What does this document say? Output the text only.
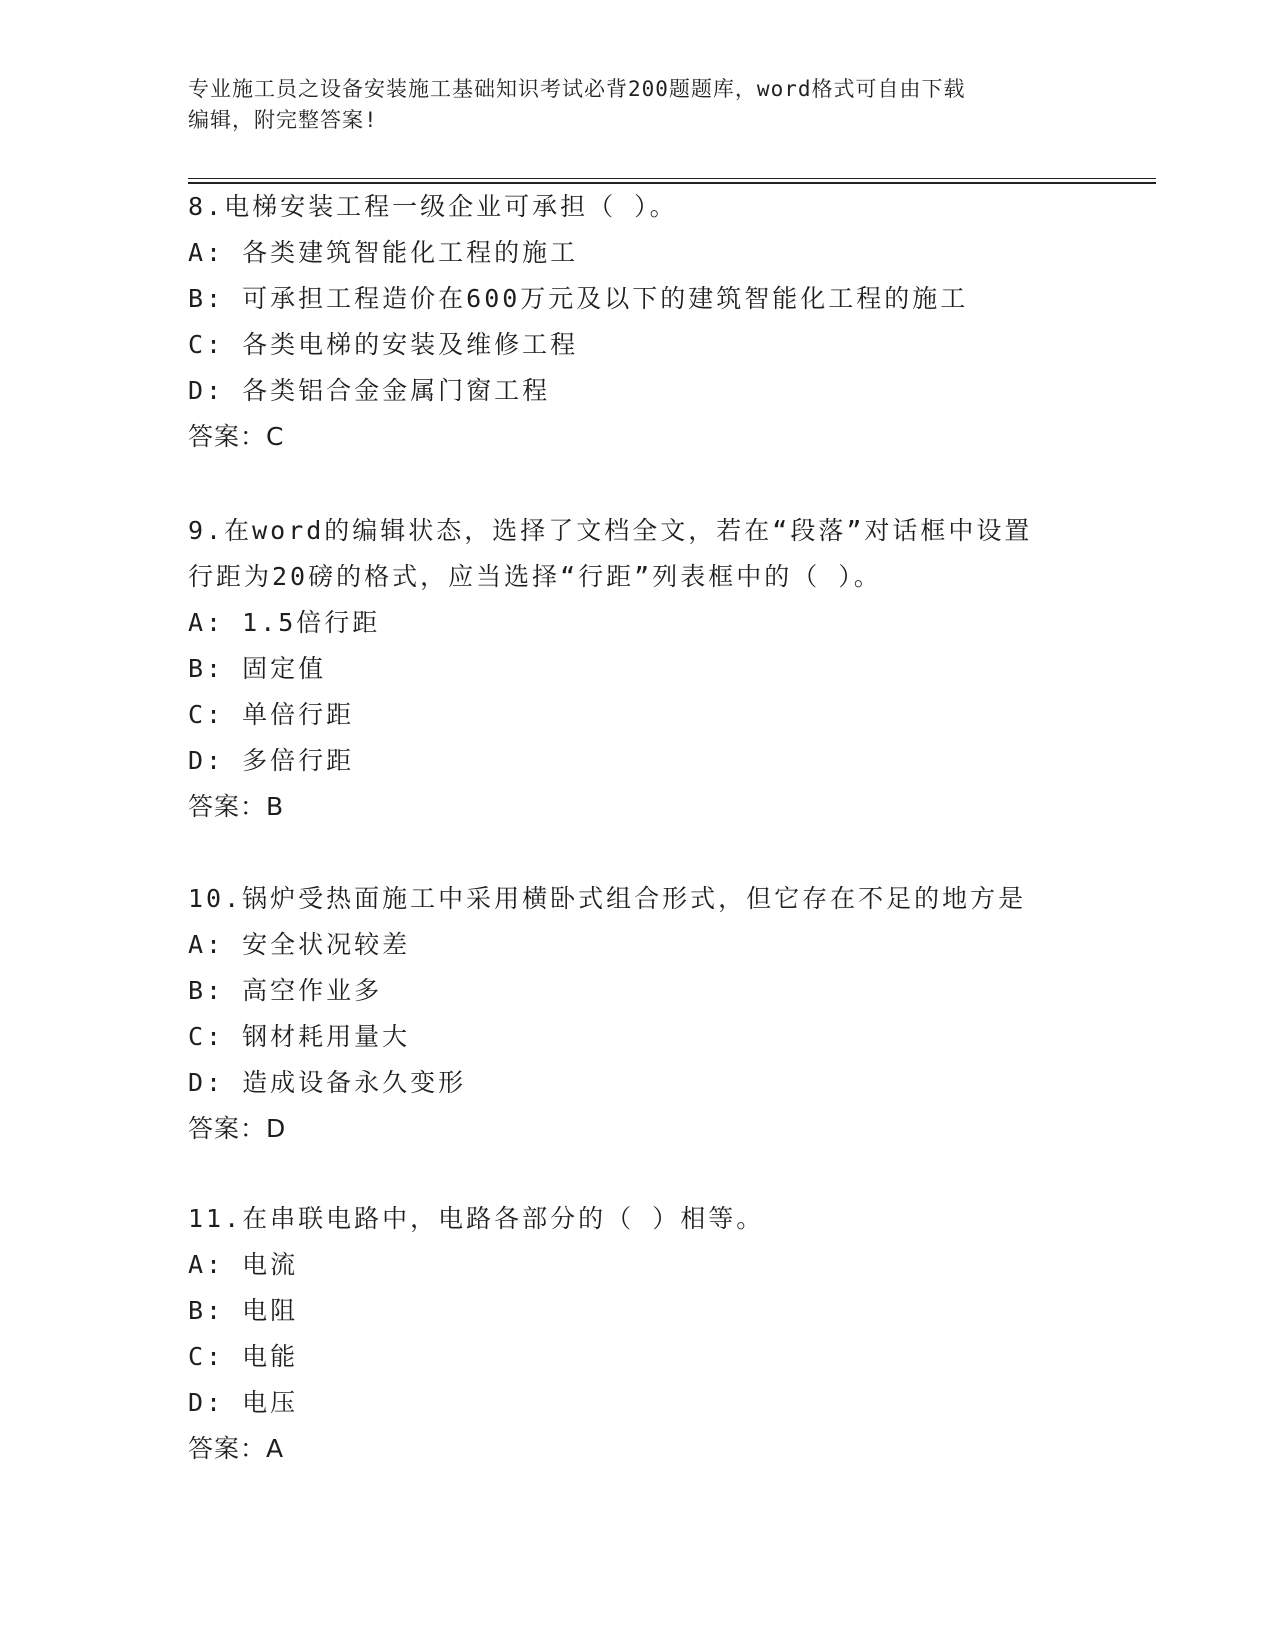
专业施工员之设备安装施工基础知识考试必背200题题库，word格式可自由下载
编辑，附完整答案!
8.电梯安装工程一级企业可承担（ ）。
A: 各类建筑智能化工程的施工
B: 可承担工程造价在600万元及以下的建筑智能化工程的施工
C: 各类电梯的安装及维修工程
D: 各类铝合金金属门窗工程
答案：C
9.在word的编辑状态，选择了文档全文，若在“段落”对话框中设置
行距为20磅的格式，应当选择“行距”列表框中的（ ）。
A: 1.5倍行距
B: 固定值
C: 单倍行距
D: 多倍行距
答案：B
10.锅炉受热面施工中采用横卧式组合形式，但它存在不足的地方是
A: 安全状况较差
B: 高空作业多
C: 钢材耗用量大
D: 造成设备永久变形
答案：D
11.在串联电路中，电路各部分的（ ）相等。
A: 电流
B: 电阻
C: 电能
D: 电压
答案：A
